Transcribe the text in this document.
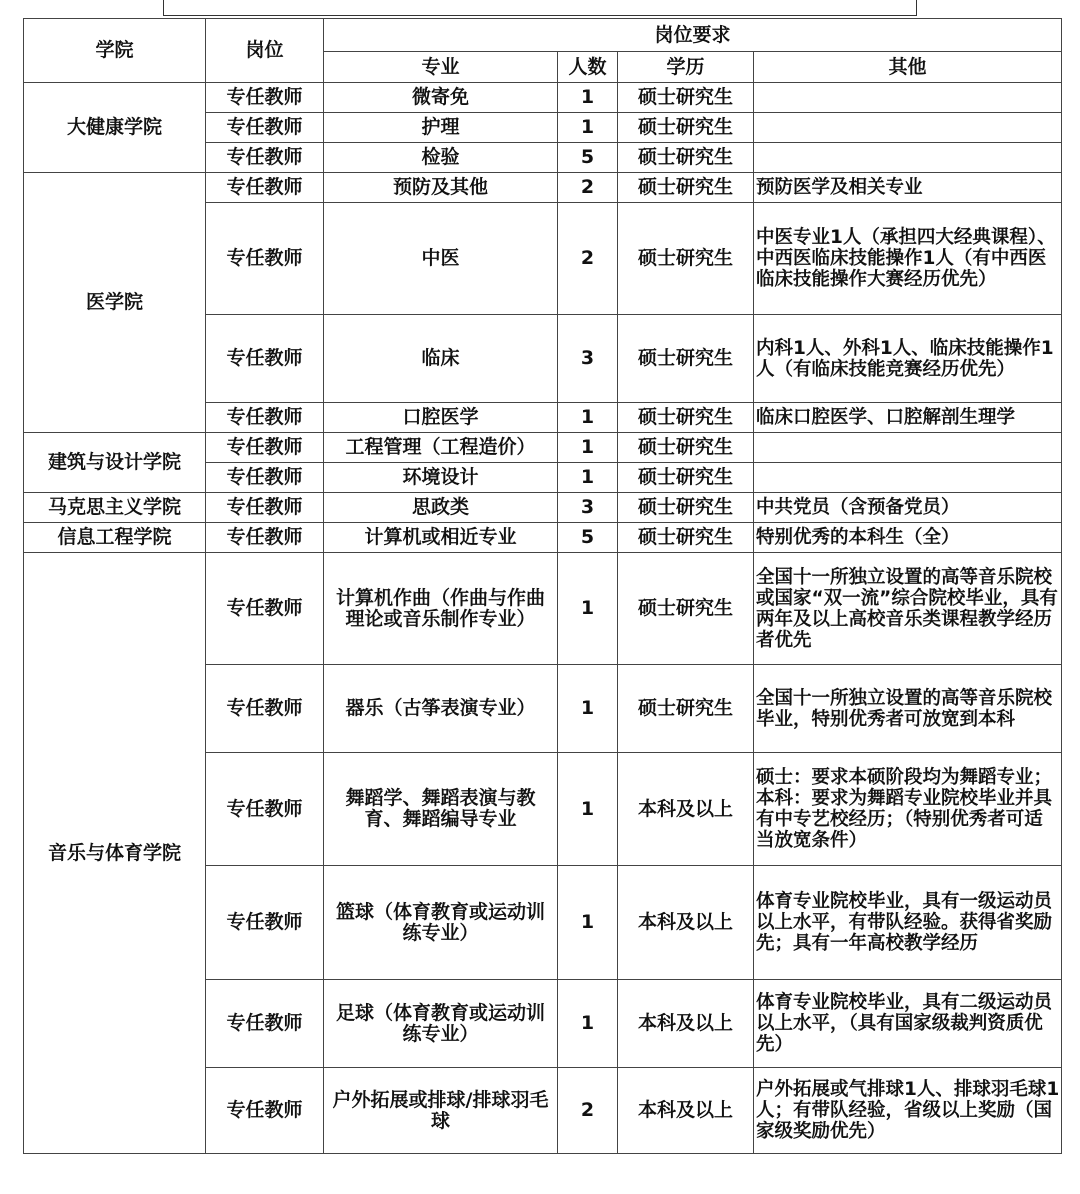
学院	岗位	岗位要求			
		专业	人数	学历	其他
大健康学院	专任教师	微寄免	1	硕士研究生	
	专任教师	护理	1	硕士研究生	
	专任教师	检验	5	硕士研究生	
医学院	专任教师	预防及其他	2	硕士研究生	预防医学及相关专业
	专任教师	中医	2	硕士研究生	中医专业1人（承担四大经典课程）、中西医临床技能操作1人（有中西医临床技能操作大赛经历优先）
	专任教师	临床	3	硕士研究生	内科1人、外科1人、临床技能操作1人（有临床技能竞赛经历优先）
	专任教师	口腔医学	1	硕士研究生	临床口腔医学、口腔解剖生理学
建筑与设计学院	专任教师	工程管理（工程造价）	1	硕士研究生	
	专任教师	环境设计	1	硕士研究生	
马克思主义学院	专任教师	思政类	3	硕士研究生	中共党员（含预备党员）
信息工程学院	专任教师	计算机或相近专业	5	硕士研究生	特别优秀的本科生（全）
音乐与体育学院	专任教师	计算机作曲（作曲与作曲理论或音乐制作专业）	1	硕士研究生	全国十一所独立设置的高等音乐院校或国家“双一流”综合院校毕业，具有两年及以上高校音乐类课程教学经历者优先
	专任教师	器乐（古筝表演专业）	1	硕士研究生	全国十一所独立设置的高等音乐院校毕业，特别优秀者可放宽到本科
	专任教师	舞蹈学、舞蹈表演与教育、舞蹈编导专业	1	本科及以上	硕士：要求本硕阶段均为舞蹈专业；本科：要求为舞蹈专业院校毕业并具有中专艺校经历；（特别优秀者可适当放宽条件）
	专任教师	篮球（体育教育或运动训练专业）	1	本科及以上	体育专业院校毕业，具有一级运动员以上水平，有带队经验。获得省奖励先；具有一年高校教学经历
	专任教师	足球（体育教育或运动训练专业）	1	本科及以上	体育专业院校毕业，具有二级运动员以上水平，（具有国家级裁判资质优先）
	专任教师	户外拓展或排球/排球羽毛球	2	本科及以上	户外拓展或气排球1人、排球羽毛球1人；有带队经验，省级以上奖励（国家级奖励优先）
